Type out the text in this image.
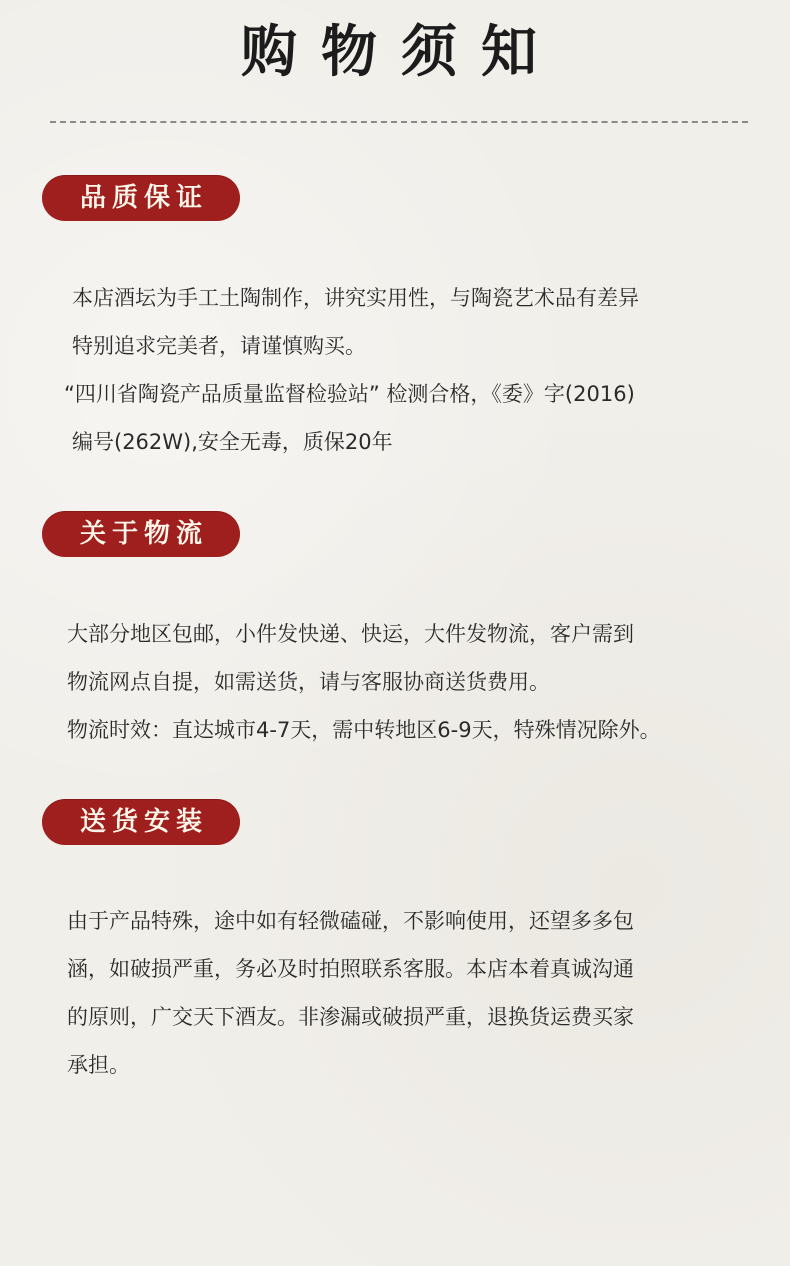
购物须知
品质保证
本店酒坛为手工土陶制作，讲究实用性，与陶瓷艺术品有差异
特别追求完美者，请谨慎购买。
“四川省陶瓷产品质量监督检验站” 检测合格，《委》字(2016)
编号(262W),安全无毒，质保20年
关于物流
大部分地区包邮，小件发快递、快运，大件发物流，客户需到
物流网点自提，如需送货，请与客服协商送货费用。
物流时效：直达城市4-7天，需中转地区6-9天，特殊情况除外。
送货安装
由于产品特殊，途中如有轻微磕碰，不影响使用，还望多多包
涵，如破损严重，务必及时拍照联系客服。本店本着真诚沟通
的原则，广交天下酒友。非渗漏或破损严重，退换货运费买家
承担。
